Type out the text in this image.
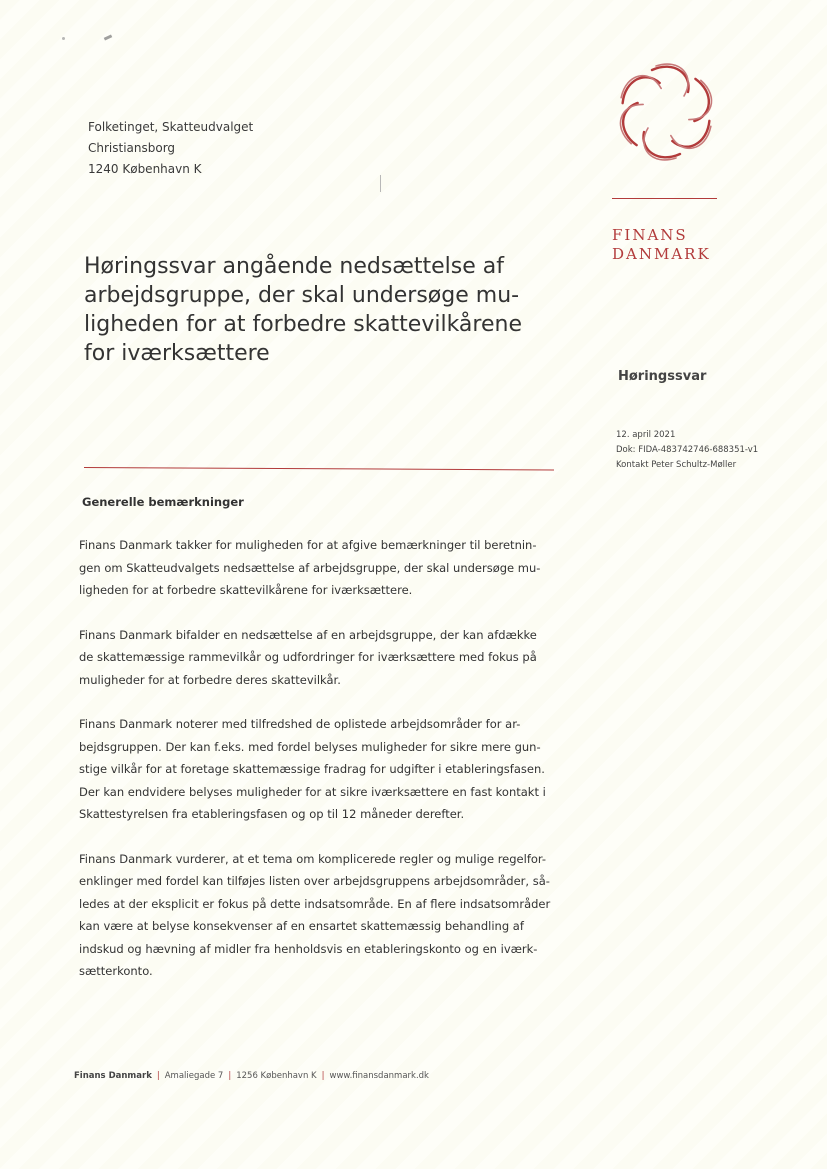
Folketinget, Skatteudvalget
Christiansborg
1240 København K
FINANS
DANMARK
Høringssvar angående nedsættelse af
arbejdsgruppe, der skal undersøge mu-
ligheden for at forbedre skattevilkårene
for iværksættere
Høringssvar
12. april 2021
Dok: FIDA-483742746-688351-v1
Kontakt Peter Schultz-Møller
Generelle bemærkninger
Finans Danmark takker for muligheden for at afgive bemærkninger til beretnin-
gen om Skatteudvalgets nedsættelse af arbejdsgruppe, der skal undersøge mu-
ligheden for at forbedre skattevilkårene for iværksættere.
Finans Danmark bifalder en nedsættelse af en arbejdsgruppe, der kan afdække
de skattemæssige rammevilkår og udfordringer for iværksættere med fokus på
muligheder for at forbedre deres skattevilkår.
Finans Danmark noterer med tilfredshed de oplistede arbejdsområder for ar-
bejdsgruppen. Der kan f.eks. med fordel belyses muligheder for sikre mere gun-
stige vilkår for at foretage skattemæssige fradrag for udgifter i etableringsfasen.
Der kan endvidere belyses muligheder for at sikre iværksættere en fast kontakt i
Skattestyrelsen fra etableringsfasen og op til 12 måneder derefter.
Finans Danmark vurderer, at et tema om komplicerede regler og mulige regelfor-
enklinger med fordel kan tilføjes listen over arbejdsgruppens arbejdsområder, så-
ledes at der eksplicit er fokus på dette indsatsområde. En af flere indsatsområder
kan være at belyse konsekvenser af en ensartet skattemæssig behandling af
indskud og hævning af midler fra henholdsvis en etableringskonto og en iværk-
sætterkonto.
Finans Danmark | Amaliegade 7 | 1256 København K | www.finansdanmark.dk
